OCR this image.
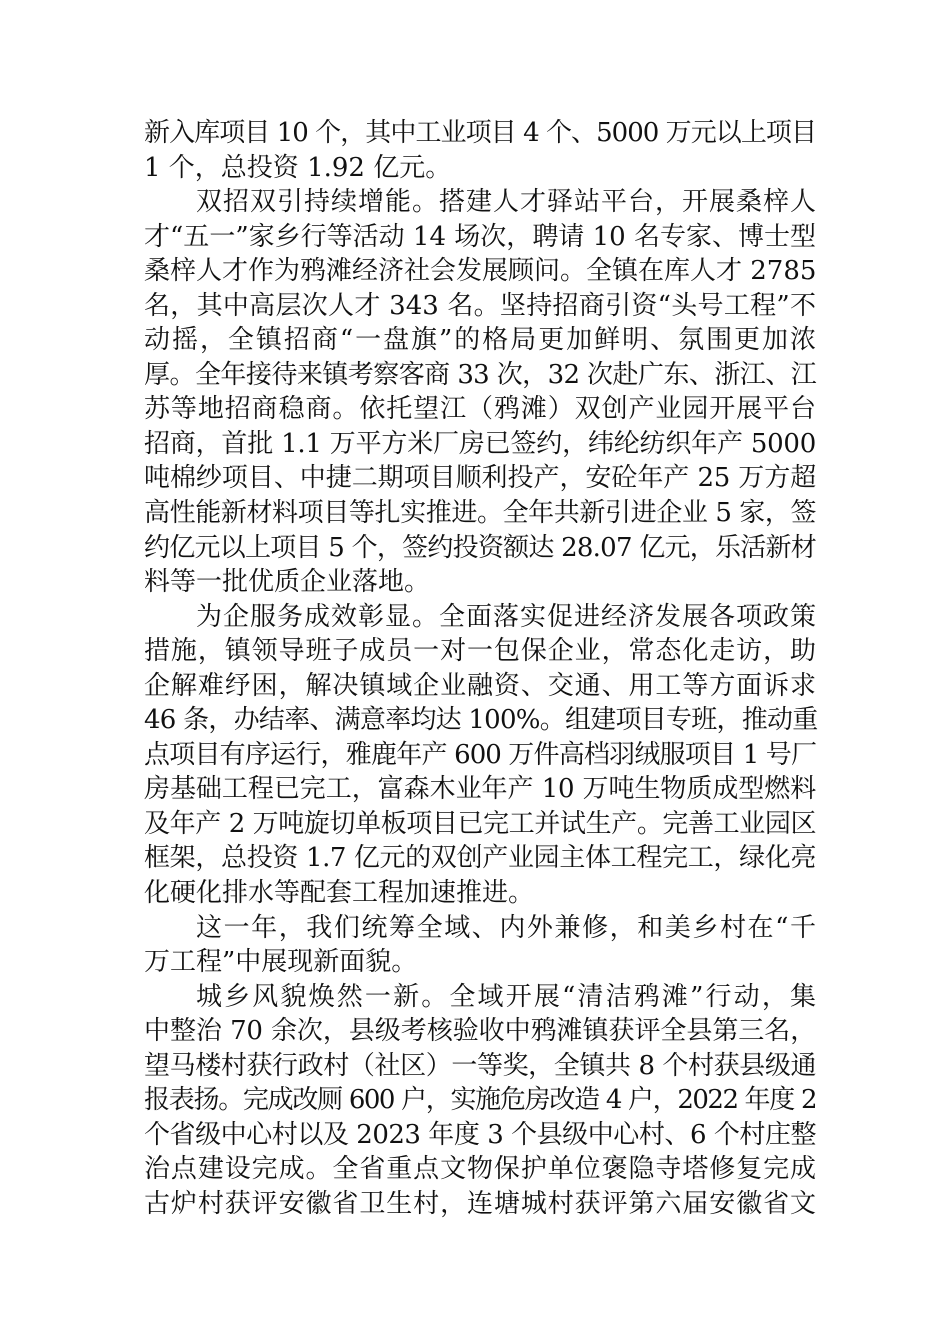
新入库项目 10 个，其中工业项目 4 个、5000 万元以上项目
1 个，总投资 1.92 亿元。
双招双引持续增能。搭建人才驿站平台，开展桑梓人
才“五一”家乡行等活动 14 场次，聘请 10 名专家、博士型
桑梓人才作为鸦滩经济社会发展顾问。全镇在库人才 2785
名，其中高层次人才 343 名。坚持招商引资“头号工程”不
动摇，全镇招商“一盘旗”的格局更加鲜明、氛围更加浓
厚。全年接待来镇考察客商 33 次，32 次赴广东、浙江、江
苏等地招商稳商。依托望江（鸦滩）双创产业园开展平台
招商，首批 1.1 万平方米厂房已签约，纬纶纺织年产 5000
吨棉纱项目、中捷二期项目顺利投产，安砼年产 25 万方超
高性能新材料项目等扎实推进。全年共新引进企业 5 家，签
约亿元以上项目 5 个，签约投资额达 28.07 亿元，乐活新材
料等一批优质企业落地。
为企服务成效彰显。全面落实促进经济发展各项政策
措施，镇领导班子成员一对一包保企业，常态化走访，助
企解难纾困，解决镇域企业融资、交通、用工等方面诉求
46 条，办结率、满意率均达 100%。组建项目专班，推动重
点项目有序运行，雅鹿年产 600 万件高档羽绒服项目 1 号厂
房基础工程已完工，富森木业年产 10 万吨生物质成型燃料
及年产 2 万吨旋切单板项目已完工并试生产。完善工业园区
框架，总投资 1.7 亿元的双创产业园主体工程完工，绿化亮
化硬化排水等配套工程加速推进。
这一年，我们统筹全域、内外兼修，和美乡村在“千
万工程”中展现新面貌。
城乡风貌焕然一新。全域开展“清洁鸦滩”行动，集
中整治 70 余次，县级考核验收中鸦滩镇获评全县第三名，
望马楼村获行政村（社区）一等奖，全镇共 8 个村获县级通
报表扬。完成改厕 600 户，实施危房改造 4 户，2022 年度 2
个省级中心村以及 2023 年度 3 个县级中心村、6 个村庄整
治点建设完成。全省重点文物保护单位褒隐寺塔修复完成
古炉村获评安徽省卫生村，连塘城村获评第六届安徽省文
